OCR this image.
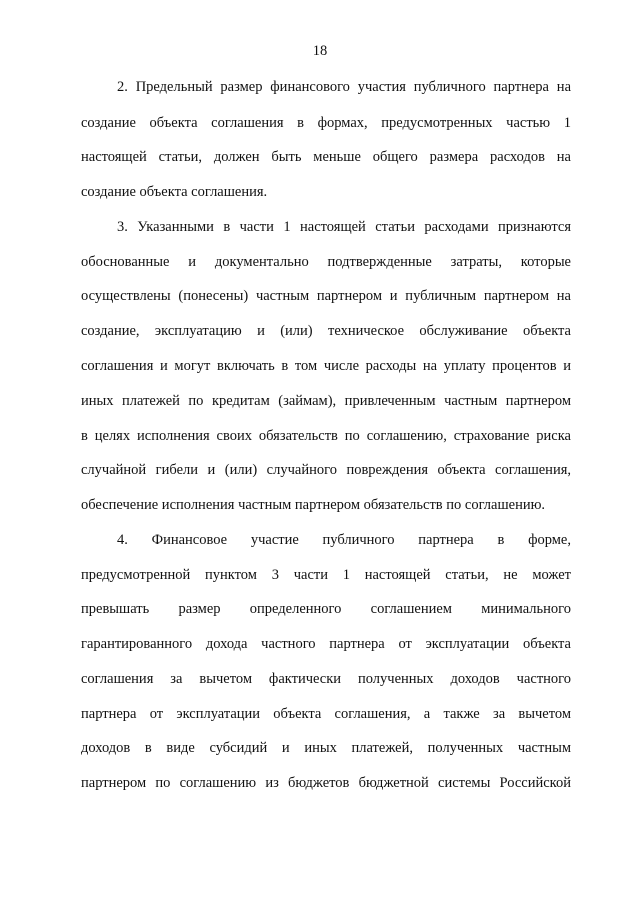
18
2. Предельный размер финансового участия публичного партнера на
создание объекта соглашения в формах, предусмотренных частью 1
настоящей статьи, должен быть меньше общего размера расходов на
создание объекта соглашения.
3. Указанными в части 1 настоящей статьи расходами признаются
обоснованные и документально подтвержденные затраты, которые
осуществлены (понесены) частным партнером и публичным партнером на
создание, эксплуатацию и (или) техническое обслуживание объекта
соглашения и могут включать в том числе расходы на уплату процентов и
иных платежей по кредитам (займам), привлеченным частным партнером
в целях исполнения своих обязательств по соглашению, страхование риска
случайной гибели и (или) случайного повреждения объекта соглашения,
обеспечение исполнения частным партнером обязательств по соглашению.
4. Финансовое участие публичного партнера в форме,
предусмотренной пунктом 3 части 1 настоящей статьи, не может
превышать размер определенного соглашением минимального
гарантированного дохода частного партнера от эксплуатации объекта
соглашения за вычетом фактически полученных доходов частного
партнера от эксплуатации объекта соглашения, а также за вычетом
доходов в виде субсидий и иных платежей, полученных частным
партнером по соглашению из бюджетов бюджетной системы Российской
